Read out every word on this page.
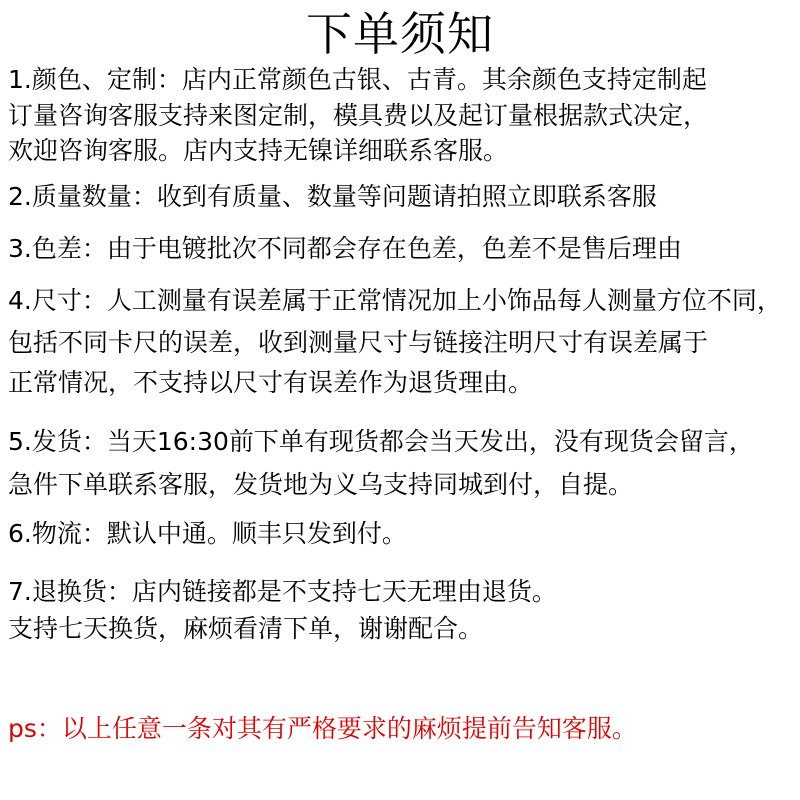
下单须知
1.颜色、定制：店内正常颜色古银、古青。其余颜色支持定制起
订量咨询客服支持来图定制，模具费以及起订量根据款式决定，
欢迎咨询客服。店内支持无镍详细联系客服。
2.质量数量：收到有质量、数量等问题请拍照立即联系客服
3.色差：由于电镀批次不同都会存在色差，色差不是售后理由
4.尺寸：人工测量有误差属于正常情况加上小饰品每人测量方位不同，
包括不同卡尺的误差，收到测量尺寸与链接注明尺寸有误差属于
正常情况，不支持以尺寸有误差作为退货理由。
5.发货：当天16:30前下单有现货都会当天发出，没有现货会留言，
急件下单联系客服，发货地为义乌支持同城到付，自提。
6.物流：默认中通。顺丰只发到付。
7.退换货：店内链接都是不支持七天无理由退货。
支持七天换货，麻烦看清下单，谢谢配合。
ps：以上任意一条对其有严格要求的麻烦提前告知客服。
